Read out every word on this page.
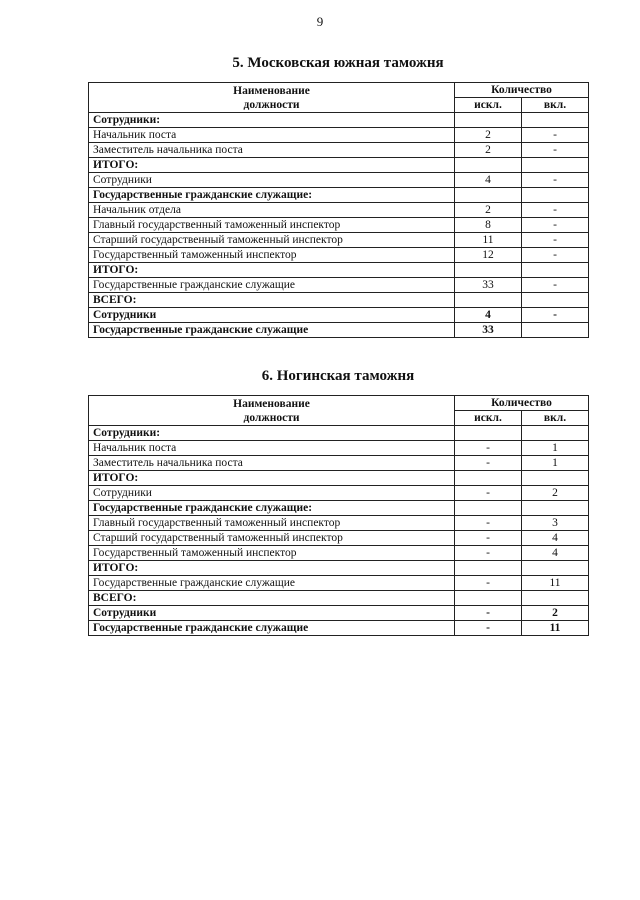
9
5. Московская южная таможня
Наименование
должности	Количество	
	искл.	вкл.
Сотрудники:		
Начальник поста	2	-
Заместитель начальника поста	2	-
ИТОГО:		
Сотрудники	4	-
Государственные гражданские служащие:		
Начальник отдела	2	-
Главный государственный таможенный инспектор	8	-
Старший государственный таможенный инспектор	11	-
Государственный таможенный инспектор	12	-
ИТОГО:		
Государственные гражданские служащие	33	-
ВСЕГО:		
Сотрудники	4	-
Государственные гражданские служащие	33	
6. Ногинская таможня
Наименование
должности	Количество	
	искл.	вкл.
Сотрудники:		
Начальник поста	-	1
Заместитель начальника поста	-	1
ИТОГО:		
Сотрудники	-	2
Государственные гражданские служащие:		
Главный государственный таможенный инспектор	-	3
Старший государственный таможенный инспектор	-	4
Государственный таможенный инспектор	-	4
ИТОГО:		
Государственные гражданские служащие	-	11
ВСЕГО:		
Сотрудники	-	2
Государственные гражданские служащие	-	11
